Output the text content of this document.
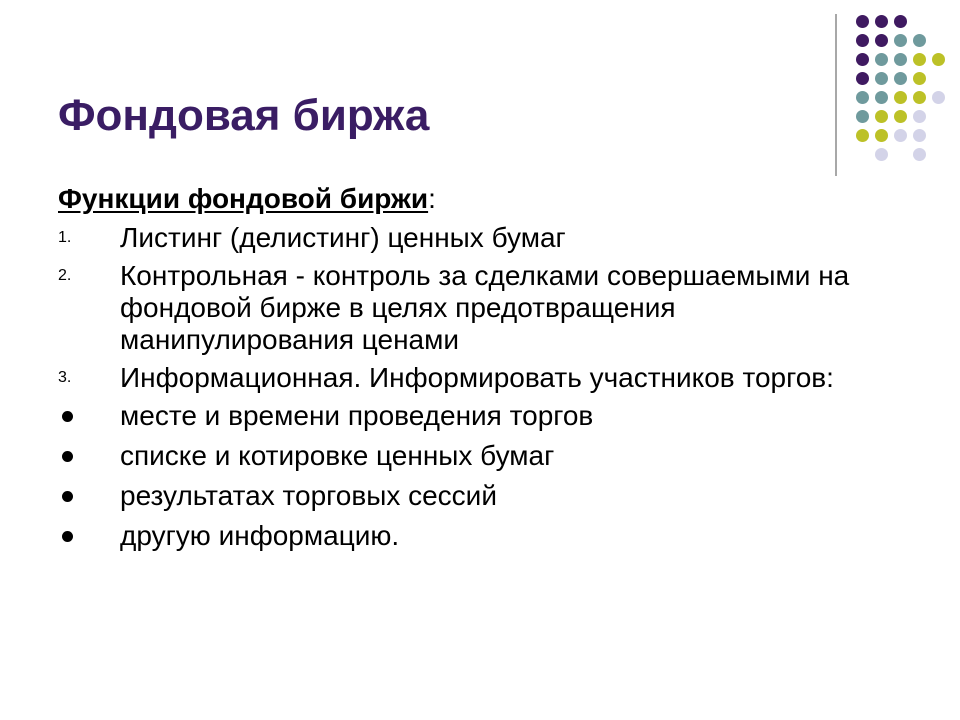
Фондовая биржа

Функции фондовой биржи:

1. Листинг (делистинг) ценных бумаг
2. Контрольная - контроль за сделками совершаемыми на фондовой бирже в целях предотвращения манипулирования ценами
3. Информационная. Информировать участников торгов:
месте и времени проведения торгов
списке и котировке ценных бумаг
результатах торговых сессий
другую информацию.
